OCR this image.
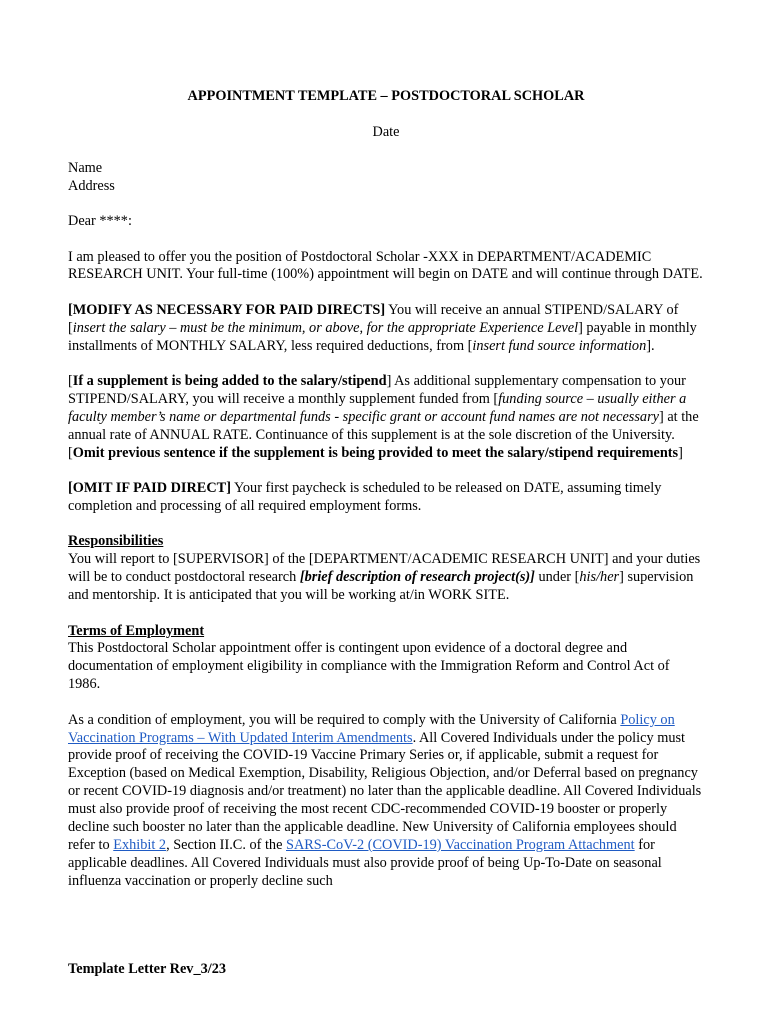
APPOINTMENT TEMPLATE – POSTDOCTORAL SCHOLAR
Date

Name
Address

Dear ****:

I am pleased to offer you the position of Postdoctoral Scholar -XXX in DEPARTMENT/ACADEMIC RESEARCH UNIT. Your full-time (100%) appointment will begin on DATE and will continue through DATE.

[MODIFY AS NECESSARY FOR PAID DIRECTS] You will receive an annual STIPEND/SALARY of [insert the salary – must be the minimum, or above, for the appropriate Experience Level] payable in monthly installments of MONTHLY SALARY, less required deductions, from [insert fund source information].

[If a supplement is being added to the salary/stipend] As additional supplementary compensation to your STIPEND/SALARY, you will receive a monthly supplement funded from [funding source – usually either a faculty member’s name or departmental funds - specific grant or account fund names are not necessary] at the annual rate of ANNUAL RATE. Continuance of this supplement is at the sole discretion of the University. [Omit previous sentence if the supplement is being provided to meet the salary/stipend requirements]

[OMIT IF PAID DIRECT] Your first paycheck is scheduled to be released on DATE, assuming timely completion and processing of all required employment forms.

Responsibilities
You will report to [SUPERVISOR] of the [DEPARTMENT/ACADEMIC RESEARCH UNIT] and your duties will be to conduct postdoctoral research [brief description of research project(s)] under [his/her] supervision and mentorship. It is anticipated that you will be working at/in WORK SITE.

Terms of Employment
This Postdoctoral Scholar appointment offer is contingent upon evidence of a doctoral degree and documentation of employment eligibility in compliance with the Immigration Reform and Control Act of 1986.

As a condition of employment, you will be required to comply with the University of California Policy on Vaccination Programs – With Updated Interim Amendments. All Covered Individuals under the policy must provide proof of receiving the COVID-19 Vaccine Primary Series or, if applicable, submit a request for Exception (based on Medical Exemption, Disability, Religious Objection, and/or Deferral based on pregnancy or recent COVID-19 diagnosis and/or treatment) no later than the applicable deadline. All Covered Individuals must also provide proof of receiving the most recent CDC-recommended COVID-19 booster or properly decline such booster no later than the applicable deadline. New University of California employees should refer to Exhibit 2, Section II.C. of the SARS-CoV-2 (COVID-19) Vaccination Program Attachment for applicable deadlines. All Covered Individuals must also provide proof of being Up-To-Date on seasonal influenza vaccination or properly decline such

Template Letter Rev_3/23
